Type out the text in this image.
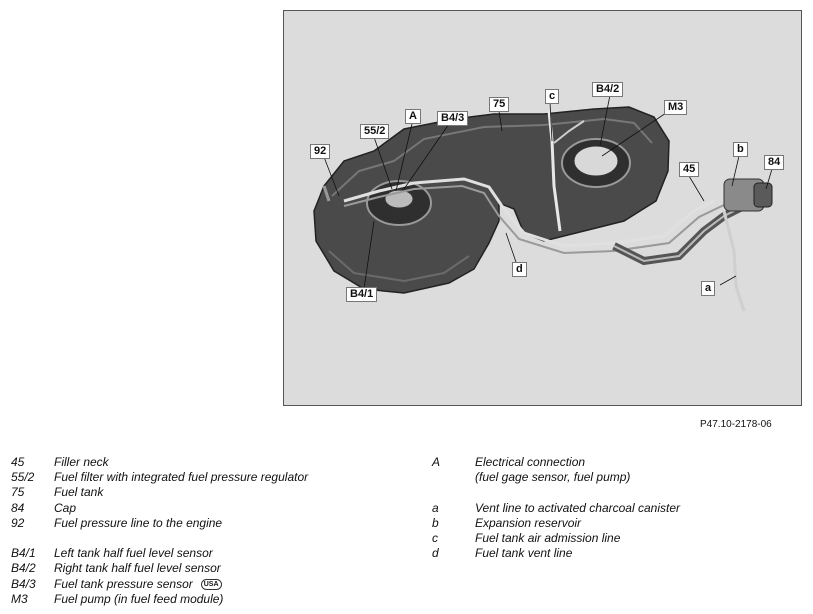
75
c
B4/2
M3
A	B4/3
55/2
92	b
84
45
d
a
B4/1
P47.10-2178-06
45 Filler neck
55/2 Fuel filter with integrated fuel pressure regulator
75 Fuel tank
84 Cap
92 Fuel pressure line to the engine
B4/1 Left tank half fuel level sensor
B4/2 Right tank half fuel level sensor
B4/3 Fuel tank pressure sensor USA
M3 Fuel pump (in fuel feed module)
A	Electrical connection
(fuel gage sensor, fuel pump)
a	Vent line to activated charcoal canister
b	Expansion reservoir
c	Fuel tank air admission line
d	Fuel tank vent line
